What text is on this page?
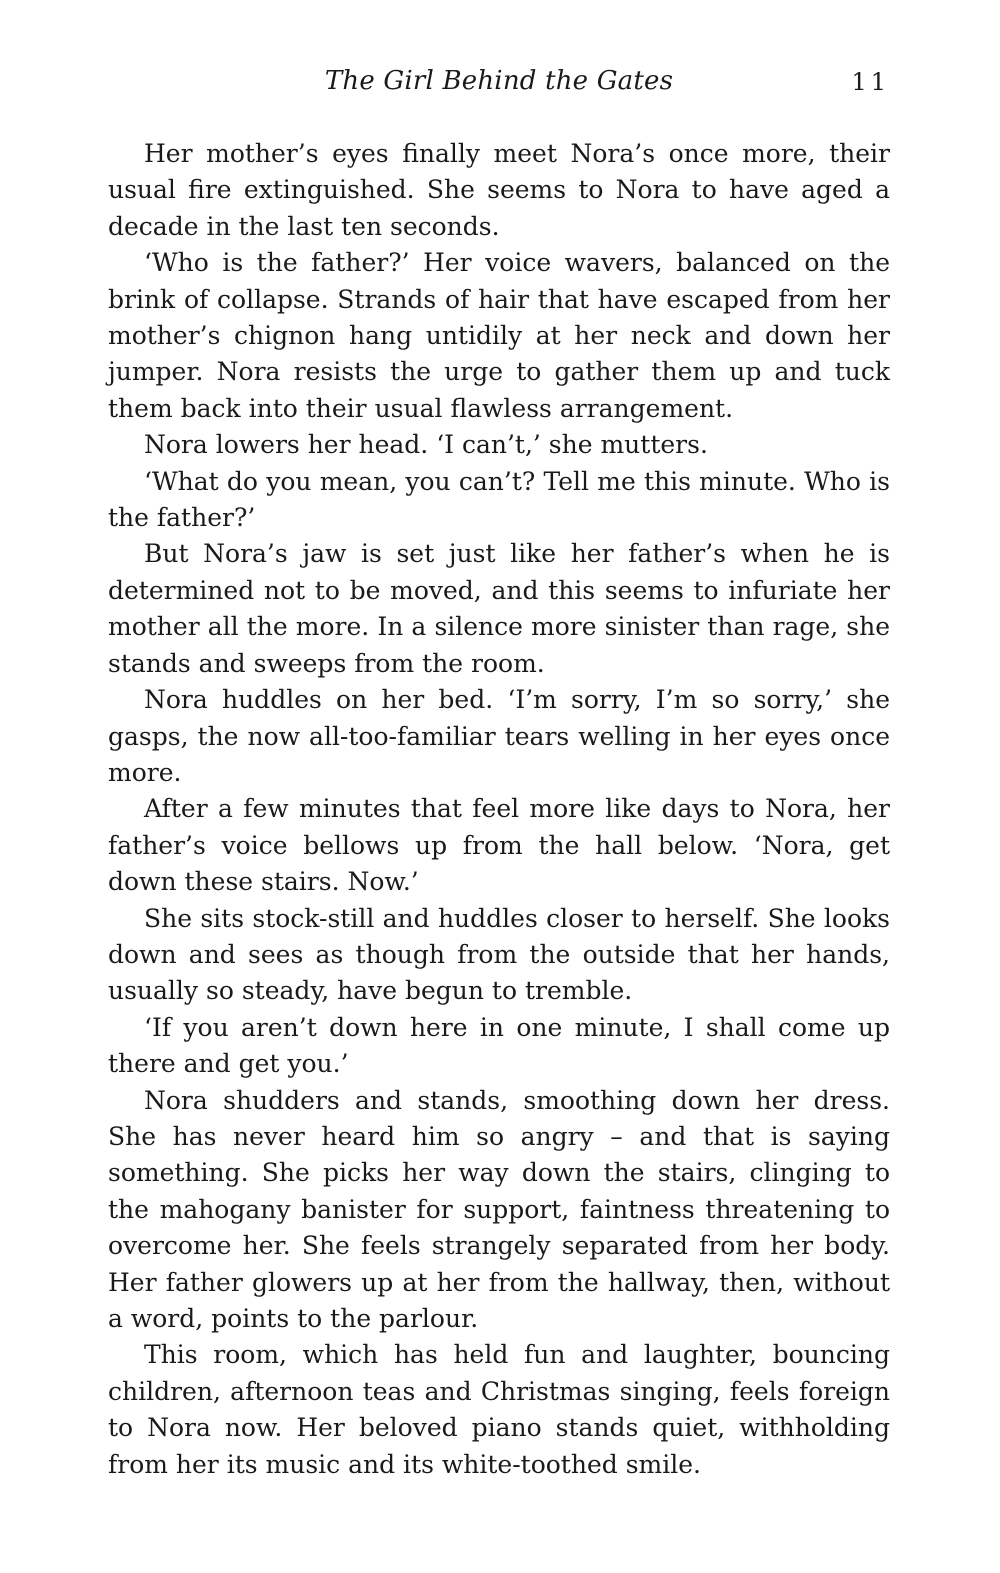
The Girl Behind the Gates	11

Her mother’s eyes finally meet Nora’s once more, their usual fire extinguished. She seems to Nora to have aged a decade in the last ten seconds.

‘Who is the father?’ Her voice wavers, balanced on the brink of collapse. Strands of hair that have escaped from her mother’s chignon hang untidily at her neck and down her jumper. Nora resists the urge to gather them up and tuck them back into their usual flawless arrangement.

Nora lowers her head. ‘I can’t,’ she mutters.

‘What do you mean, you can’t? Tell me this minute. Who is the father?’

But Nora’s jaw is set just like her father’s when he is determined not to be moved, and this seems to infuriate her mother all the more. In a silence more sinister than rage, she stands and sweeps from the room.

Nora huddles on her bed. ‘I’m sorry, I’m so sorry,’ she gasps, the now all-too-familiar tears welling in her eyes once more.

After a few minutes that feel more like days to Nora, her father’s voice bellows up from the hall below. ‘Nora, get down these stairs. Now.’

She sits stock-still and huddles closer to herself. She looks down and sees as though from the outside that her hands, usually so steady, have begun to tremble.

‘If you aren’t down here in one minute, I shall come up there and get you.’

Nora shudders and stands, smoothing down her dress. She has never heard him so angry – and that is saying something. She picks her way down the stairs, clinging to the mahogany banister for support, faintness threatening to overcome her. She feels strangely separated from her body. Her father glowers up at her from the hallway, then, without a word, points to the parlour.

This room, which has held fun and laughter, bouncing children, afternoon teas and Christmas singing, feels foreign to Nora now. Her beloved piano stands quiet, withholding from her its music and its white-toothed smile.
